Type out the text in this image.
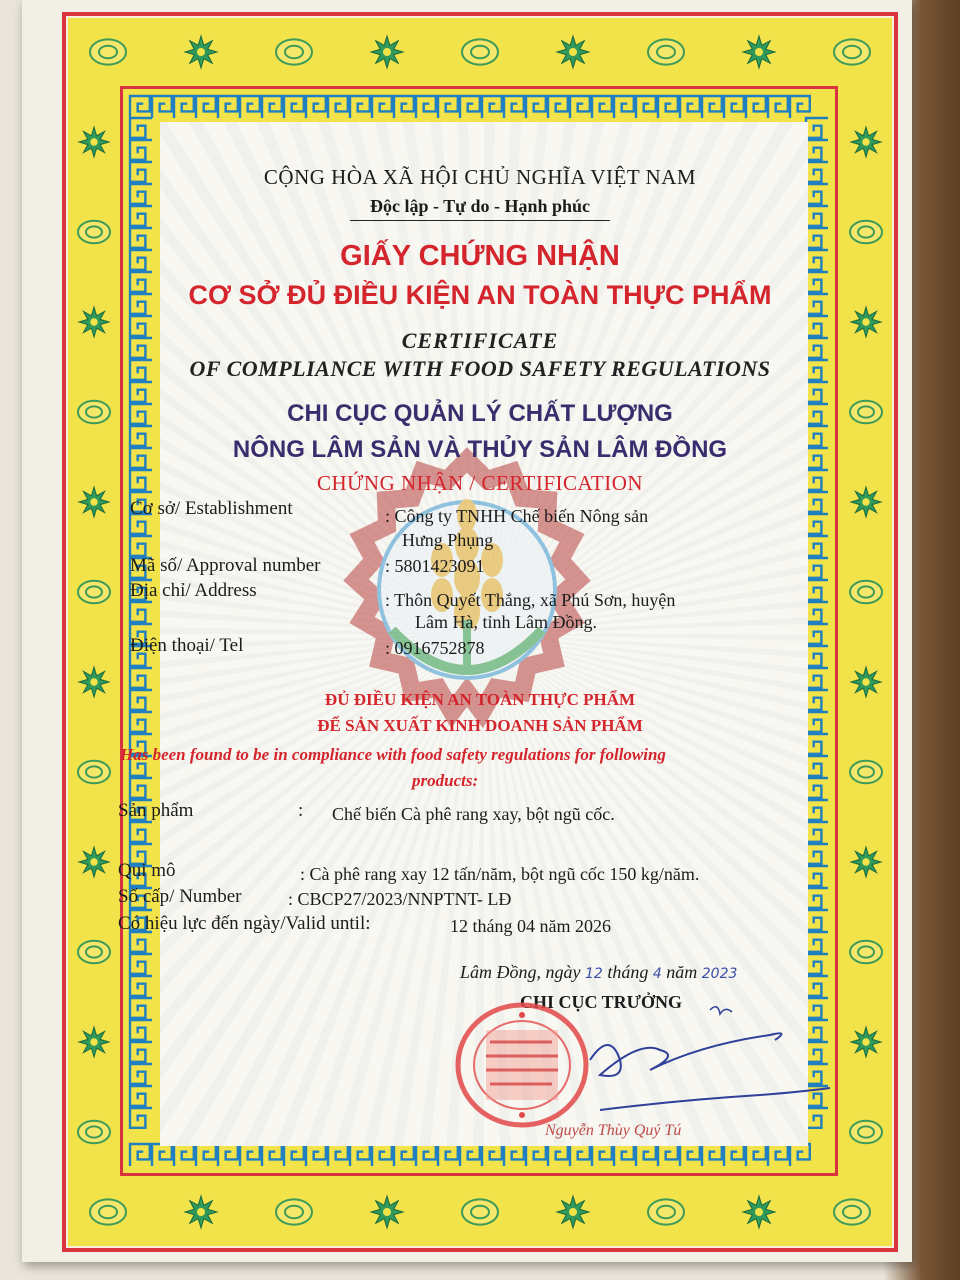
CỘNG HÒA XÃ HỘI CHỦ NGHĨA VIỆT NAM
Độc lập - Tự do - Hạnh phúc
GIẤY CHỨNG NHẬN
CƠ SỞ ĐỦ ĐIỀU KIỆN AN TOÀN THỰC PHẨM
CERTIFICATE
OF COMPLIANCE WITH FOOD SAFETY REGULATIONS
CHI CỤC QUẢN LÝ CHẤT LƯỢNG
NÔNG LÂM SẢN VÀ THỦY SẢN LÂM ĐỒNG
CHỨNG NHẬN / CERTIFICATION
Cơ sở/ Establishment	: Công ty TNHH Chế biến Nông sản
Hưng Phụng
Mã số/ Approval number	: 5801423091
Địa chỉ/ Address	: Thôn Quyết Thắng, xã Phú Sơn, huyện
Lâm Hà, tỉnh Lâm Đồng.
Điện thoại/ Tel	: 0916752878
ĐỦ ĐIỀU KIỆN AN TOÀN THỰC PHẨM
ĐỂ SẢN XUẤT KINH DOANH SẢN PHẨM
Has been found to be in compliance with food safety regulations for following
products:
Sản phẩm	: Chế biến Cà phê rang xay, bột ngũ cốc.
Qui mô	: Cà phê rang xay 12 tấn/năm, bột ngũ cốc 150 kg/năm.
Số cấp/ Number	: CBCP27/2023/NNPTNT- LĐ
Có hiệu lực đến ngày/Valid until:	12 tháng 04 năm 2026
Lâm Đồng, ngày 12 tháng 4 năm 2023
CHI CỤC TRƯỞNG
Nguyễn Thùy Quý Tú
